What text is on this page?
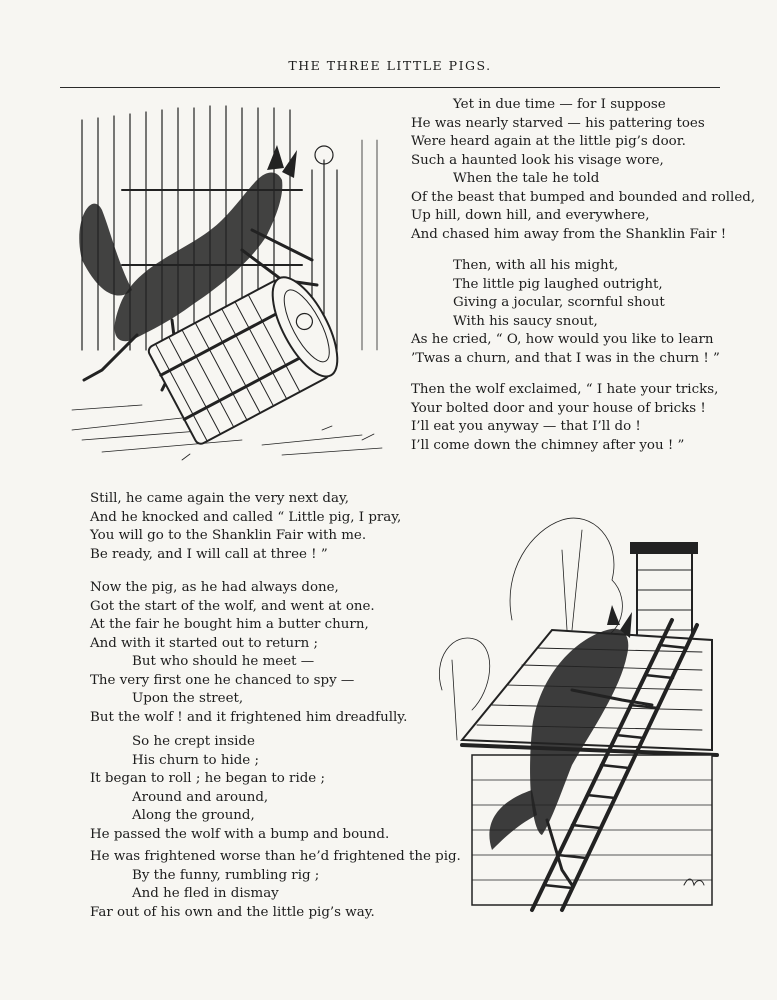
THE THREE LITTLE PIGS.
Yet in due time — for I suppose
He was nearly starved — his pattering toes
Were heard again at the little pig’s door.
Such a haunted look his visage wore,
When the tale he told
Of the beast that bumped and bounded and rolled,
Up hill, down hill, and everywhere,
And chased him away from the Shanklin Fair !
Then, with all his might,
The little pig laughed outright,
Giving a jocular, scornful shout
With his saucy snout,
As he cried, “ O, how would you like to learn
’Twas a churn, and that I was in the churn ! ”
Then the wolf exclaimed, “ I hate your tricks,
Your bolted door and your house of bricks !
I’ll eat you anyway — that I’ll do !
I’ll come down the chimney after you ! ”
Still, he came again the very next day,
And he knocked and called “ Little pig, I pray,
You will go to the Shanklin Fair with me.
Be ready, and I will call at three ! ”
Now the pig, as he had always done,
Got the start of the wolf, and went at one.
At the fair he bought him a butter churn,
And with it started out to return ;
But who should he meet —
The very first one he chanced to spy —
Upon the street,
But the wolf ! and it frightened him dreadfully.
So he crept inside
His churn to hide ;
It began to roll ; he began to ride ;
Around and around,
Along the ground,
He passed the wolf with a bump and bound.
He was frightened worse than he’d frightened the pig.
By the funny, rumbling rig ;
And he fled in dismay
Far out of his own and the little pig’s way.
